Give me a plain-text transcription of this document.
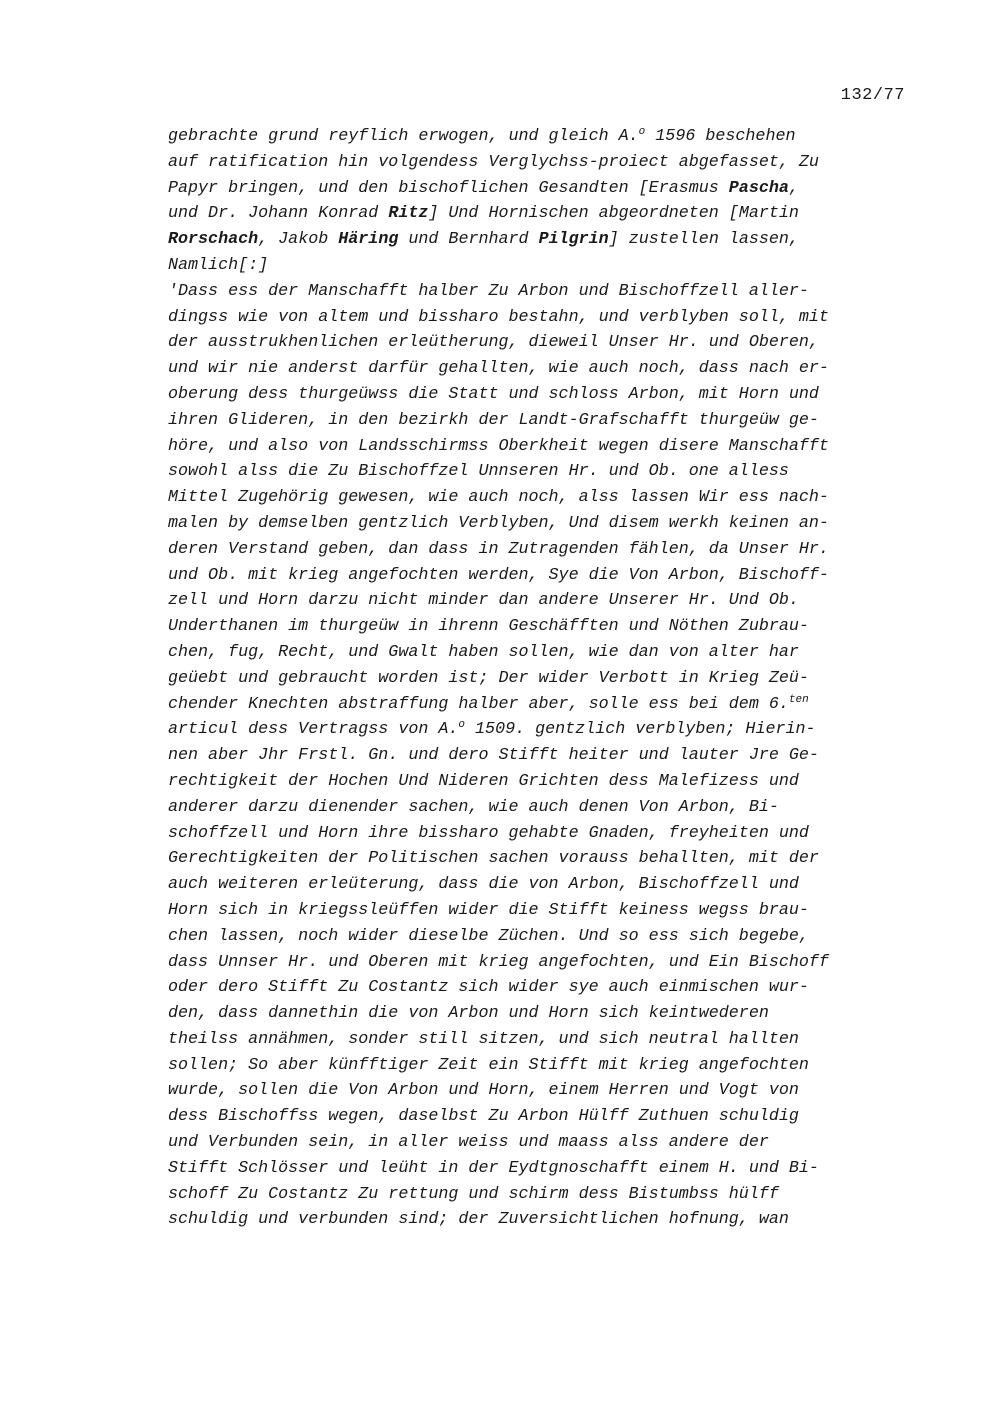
132/77
gebrachte grund reyflich erwogen, und gleich A.$^o$ 1596 beschehen
auf ratification hin volgendess Verglychss-proiect abgefasset, Zu
Papyr bringen, und den bischoflichen Gesandten [Erasmus Pascha,
und Dr. Johann Konrad Ritz] Und Hornischen abgeordneten [Martin
Rorschach, Jakob Häring und Bernhard Pilgrin] zustellen lassen,
Namlich[:]
'Dass ess der Manschafft halber Zu Arbon und Bischoffzell aller-
dingss wie von altem und bissharo bestahn, und verblyben soll, mit
der ausstrukhenlichen erleütherung, dieweil Unser Hr. und Oberen,
und wir nie anderst darfür gehallten, wie auch noch, dass nach er-
oberung dess thurgeüwss die Statt und schloss Arbon, mit Horn und
ihren Glideren, in den bezirkh der Landt-Grafschafft thurgeüw ge-
höre, und also von Landsschirmss Oberkheit wegen disere Manschafft
sowohl alss die Zu Bischoffzel Unnseren Hr. und Ob. one alless
Mittel Zugehörig gewesen, wie auch noch, alss lassen Wir ess nach-
malen by demselben gentzlich Verblyben, Und disem werkh keinen an-
deren Verstand geben, dan dass in Zutragenden fählen, da Unser Hr.
und Ob. mit krieg angefochten werden, Sye die Von Arbon, Bischoff-
zell und Horn darzu nicht minder dan andere Unserer Hr. Und Ob.
Underthanen im thurgeüw in ihrenn Geschäfften und Nöthen Zubrau-
chen, fug, Recht, und Gwalt haben sollen, wie dan von alter har
geüebt und gebraucht worden ist; Der wider Verbott in Krieg Zeü-
chender Knechten abstraffung halber aber, solle ess bei dem 6.$^{ten}$
articul dess Vertragss von A.$^o$ 1509. gentzlich verblyben; Hierin-
nen aber Jhr Frstl. Gn. und dero Stifft heiter und lauter Jre Ge-
rechtigkeit der Hochen Und Nideren Grichten dess Malefizess und
anderer darzu dienender sachen, wie auch denen Von Arbon, Bi-
schoffzell und Horn ihre bissharo gehabte Gnaden, freyheiten und
Gerechtigkeiten der Politischen sachen vorauss behallten, mit der
auch weiteren erleüterung, dass die von Arbon, Bischoffzell und
Horn sich in kriegssleüffen wider die Stifft keiness wegss brau-
chen lassen, noch wider dieselbe Züchen. Und so ess sich begebe,
dass Unnser Hr. und Oberen mit krieg angefochten, und Ein Bischoff
oder dero Stifft Zu Costantz sich wider sye auch einmischen wur-
den, dass dannethin die von Arbon und Horn sich keintwederen
theilss annähmen, sonder still sitzen, und sich neutral hallten
sollen; So aber künfftiger Zeit ein Stifft mit krieg angefochten
wurde, sollen die Von Arbon und Horn, einem Herren und Vogt von
dess Bischoffss wegen, daselbst Zu Arbon Hülff Zuthuen schuldig
und Verbunden sein, in aller weiss und maass alss andere der
Stifft Schlösser und leüht in der Eydtgnoschafft einem H. und Bi-
schoff Zu Costantz Zu rettung und schirm dess Bistumbss hülff
schuldig und verbunden sind; der Zuversichtlichen hofnung, wan
